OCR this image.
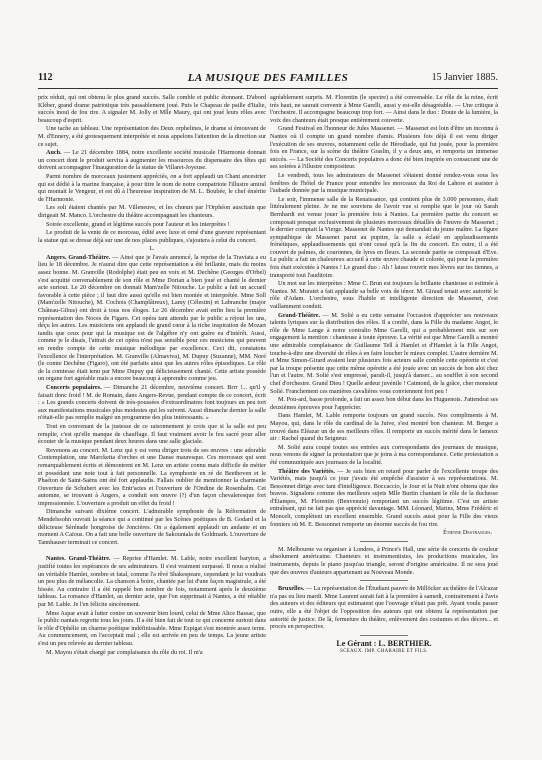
112	LA MUSIQUE DES FAMILLES	15 Janvier 1885.

prix réduit, qui ont obtenu le plus grand succès. Salle comble et public étonnant. D'abord Kléber, grand drame patriotique très passablement joué. Puis le Chapeau de paille d'Italie, succès inouï de fou rire. A signaler M. Jolly et Mlle Maury, qui ont joué leurs rôles avec beaucoup d'esprit.

Une tache au tableau. Une représentation des Deux orphelines, le drame si émouvant de M. d'Ennery, a été grotesquement interprétée et nous appelons l'attention de la direction sur ce sujet.

Auch. — Le 21 décembre 1884, notre excellente société musicale l'Harmonie donnait un concert dont le produit servira à augmenter les ressources du dispensaire des fêtes qui doivent accompagner l'inauguration de la statue de Villaret-Joyeuse.

Parmi nombre de morceaux justement appréciés, on a fort applaudi un Chant ancestrier qui est dédié à la marine française, à pour titre le nom de notre compatriote l'illustre amiral qui montait le Vengeur, et est dû à l'heureuse inspiration de M. L. Boubée, le chef émérite de l'Harmonie.

Les soli étaient chantés par M. Villeneuve, et les chœurs par l'Orphéon auscitain que dirigeait M. Manco. L'orchestre du théâtre accompagnait les chanteurs.

Soirée excellente, grand et légitime succès pour l'auteur et les interprètes !

Le produit de la vente de ce morceau, édité avec luxe et orné d'une gravure représentant la statue qui se dresse déjà sur une de nos places publiques, s'ajoutera à celui du concert.

L.

Angers. Grand-Théâtre. — Ainsi que je l'avais annoncé, la reprise de la Traviata a eu lieu le 18 décembre. Je n'aurai dire que cette représentation a été brillante, mais du moins assez bonne. M. Granville (Rodolphe) était peu en voix et M. Dechêne (Georges d'Orbel) s'est acquitté convenablement de son rôle et Mme Dorian a bien joué et chanté le dernier acte surtout. Le 20 décembre on donnait Mam'zelle Nitouche. Le public a fait un accueil favorable à cette pièce ; il faut dire aussi qu'elle est bien montée et interprétée. Mme Soll (Mam'zelle Nitouche), M. Cochois (Champlâtreux), Lamy (Célestin) et Labranche (major Château-Gibus) ont droit à tous nos éloges. Le 26 décembre avait enfin lieu la première représentation des Noces de Figaro. Cet opéra tant attendu par le public a réjoui les uns, déçu les autres. Les musiciens ont applaudi de grand cœur à la riche inspiration de Mozart tandis que ceux pour qui la musique est de l'algèbre n'y ont guère eu d'intérêt. Aussi, comme je le disais, l'attrait de cet opéra n'est pas sensible pour ces musiciens qui peuvent en rendre compte de cette musique mélodique par excellence. Ceci dit, constatons l'excellence de l'interprétation. M. Granville (Almaviva), M. Dupuy (Suzanne), MM. Noré (le comte Dechêne (Figaro), ont été parfaits ainsi que les autres rôles épisodiques. Le rôle de la comtesse était tenu par Mme Dupuy qui délicieusement chanté. Cette artiste possède un organe fort agréable mais a encore beaucoup à apprendre comme jeu.

Concerts populaires. — Dimanche 21 décembre, neuvième concert. Brrr !... qu'il y faisait donc froid ! M. de Romain, dans Angers-Revue, pendant compte de ce concert, écrit : « Les grands concerts doivent de très-poussées d'extraordinaires font toujours un peu tort aux manifestations musicales plus modestes qui les suivent. Aussi dimanche dernier la salle n'était-elle pas remplie malgré un programme des plus intéressants. »

Tout en convenant de la justesse de ce raisonnement je crois que si la salle est peu remplie, c'est qu'elle manque de chauffage. Il faut vraiment avoir le feu sacré pour aller écouter de la musique pendant deux heures dans une salle glaciale.

Revenons au concert. M. Lenz qui y est venu diriger trois de ses œuvres : une adorable Contemplation, une Marcketta d'orches et une Danse mauresque. Ces morceaux qui sont remarquablement écrits et démontrent en M. Lenz un artiste connu mais difficile de métier et possédant une note tout à fait personnelle. La symphonie en ré de Beethoven et le Phaéton de Saint-Saëns ont été fort applaudis. Fallais oublier de mentionner la charmante Ouverture de Schubert avec les Entr'actes et l'ouverture de l'Ondine de Rosenhalm. Cet automne, se trouvant à Angers, a conduit son œuvre (?) d'un façon chevaleresque fort impressionnée. L'ouverture a produit un effet du froid !

Dimanche suivant dixième concert. L'admirable symphonie de la Réformation de Mendelssohn ouvrait la séance qui a continué par les Scènes poétiques de B. Godard et la délicieuse Sérénade hongroise de Joncières. On a également applaudi un andante et un moment A Caïous. On a fait une belle ouverture de Sakountala de Goldmark. L'ouverture de Tannhauser terminait ce concert.

Nantes. Grand-Théâtre. — Reprise d'Hamlet. M. Lable, notre excellent baryton, a justifié toutes les espérances de ses admirateurs. Il s'est vraiment surpassé. Il nous a réalisé un véritable Hamlet, sombre et fatal, comme l'a rêvé Shakespeare, cependant je lui voudrais un peu plus de mélancolie. La chanson à boire, chantée par lui d'une façon magistrale, a été bissée. Au contraire il a été rappelé bon nombre de fois, notamment après le deuxième tableau. La romance d'Hamlet, au dernier acte, que l'on supprimait à Nantes, a été rétablie par M. Lable. Je l'en félicite sincèrement.

Mme Aspar avait à lutter contre un souvenir bien lourd, celui de Mme Alice Bassac, que le public nantais regrette tous les jours. Il a été bien fait de tout ce qui concerne surtout dans le rôle d'Ophélie un charme poétique indéfinissable. Mme Espigat s'est montrée assez terne. Au commencement, on l'acceptait mal ; elle est arrivée en peu de temps. La jeune artiste s'est un peu relevée au dernier tableau.

M. Mayou s'était chargé par complaisance du rôle du roi. Il m'a

agréablement surpris. M. Florentin (le spectre) a été convenable. Le rôle de la reine, écrit très haut, ne saurait convenir à Mme Garelli, aussi y est-elle désagréable. — Une critique à l'orchestre. Il accompagne beaucoup trop fort. — Ainsi dans le duo : Doute de la lumière, la voix des chanteurs était presque entièrement couverte.

Grand Festival en l'honneur de Jules Massenet. — Massenet est loin d'être un inconnu à Nantes où il compte un grand nombre d'amis. Plusieurs fois déjà il est venu diriger l'exécution de ses œuvres, notamment celle de Hérodiade, qui fut jouée, pour la première fois en France, sur la scène du théâtre Graslin, il y a deux ans, et remporta un immense succès. — La Société des Concerts populaires a donc été bien inspirée en consacrant une de ses soirées à l'illustre compositeur.

Le vendredi, tous les admirateurs de Massenet s'étaient donné rendez-vous sous les fenêtres de l'hôtel de France pour entendre les morceaux du Roi de Lahore et assister à l'aubade donnée par la musique municipale.

Le soir, l'immense salle de la Renaissance, qui contient plus de 3.000 personnes, était littéralement pleine. Je ne me souviens de l'avoir vue si remplie que le jour où Sarah Bernhardt est venue jouer la première fois à Nantes. La première partie du concert se composait presque exclusivement de plusieurs morceaux détaillés de l'œuvre de Massenet ; le dernier comptait la Vierge. Massenet de Nantes qui demandait du jeune maître. La figure sympathique de Massenet parut au pupitre, la salle a éclaté en applaudissements frénétiques, applaudissements qui n'ont cessé qu'à la fin du concert. En outre, il a été couvert de palmes, de couronnes, de lyres en fleurs. La seconde partie se composait d'Eve. Le public a fait un chaleureux accueil à cette œuvre chaude et colorée, qui pour la première fois était exécutée à Nantes ! Le grand duo : Ah ! laisse rouvrir mes lèvres sur tes tiennes, a transporté tout l'auditoire.

Un mot sur les interprètes : Mme C. Brun est toujours la brillante chanteuse si estimée à Nantes. M. Muratet a fait applaudir sa belle voix de ténor. M. Giraud tenait avec autorité le rôle d'Adam. L'orchestre, sous l'habile et intelligente direction de Massenet, s'est vaillamment conduit.

Grand-Théâtre. — M. Solié a eu cette semaine l'occasion d'apprécier ses nouveaux talents lyriques sur la distribution des rôles. Il a confié, dans la Fille du madame Angot, le rôle de Mme Lange à notre contralto Mme Garelli, qui a probablement mis sur son engagement la mention : chanteuse à toute épreuve. La vérité est que Mme Garelli a montré une admirable complaisance de Guillaume Tell à Hamlet et d'Hamlet à la Fille Angot, touche-à-dire une diversité de rôles à en faire loucher le mieux complet. L'autre dernière M. et Mme Simon-Girard avaient leur plusieurs fois acteurs salle comble cette opérette et c'est par la troupe présente que cette même opérette a été jouée avec un succès de bon aloi chez l'un et l'autre. M. Solié s'est empressé, paraît-il, jusqu'à danser... au soufflet à son second chef d'orchestre. Grand Dieu ! Quelle ardeur juvénile ! Catmond, de la grâce, cher monsieur Solié. Franchement ces manières cavalières vous conviennent fort peu !

M. Pou-ard, basse profonde, a fait un assez bon début dans les Huguenots. J'attendrai ses deuxièmes épreuves pour l'apprécier.

Dans Hamlet, M. Lable remporte toujours un grand succès. Nos compliments à M. Mayou, qui, dans le rôle du cardinal de la Juive, s'est montré bon chanteur. M. Berger a trouvé dans Eléazar un de ses meilleurs rôles. Il remporte un succès mérité dans le fameux air : Rachel quand du Seigneur.

M. Solié aura coupé toutes ses entrées aux correspondants des journaux de musique, nous venons de signer la protestation que je joins à ma correspondance. Cette protestation a été communiquée aux journaux de la localité.

Théâtre des Variétés. — Je suis bien en retard pour parler de l'excellente troupe des Variétés, mais jusqu'à ce jour j'avais été empêché d'assister à ses représentations. M. Bessonnet dirige avec tant d'intelligence. Boccaccio, le Jour et la Nuit n'ont obtenu que des bravos. Signalons comme des meilleurs sujets Mlle Burtin chantant le rôle de la duchesse d'Étampes, M. Florentin (Benvenuto) remportant un succès légitime. C'est un artiste entraînant, qui ne fait pas que apprécié davantage. MM. Léonard, Marins, Mme Frédéric et Moncelt, complètent un excellent ensemble. Grand succès aussi pour la Fille des vieux fonniers où M. E. Bessonnet remporte un énorme succès de fou rire.

Étienne Destranges.

M. Melbourne va organiser à Londres, à Prince's Hall, une série de concerts de couleur absolument américaine. Chanteurs et instrumentistes, les productions musicales, les instruments, depuis le piano jusqu'au triangle, seront d'origine américaine. Il ne sera joué que des œuvres d'auteurs appartenant au Nouveau Monde.

Bruxelles. — La représentation de l'Étudiant pauvre de Millöcker au théâtre de l'Alcazar n'a pas eu lieu mardi. Mme Laurent aurait fait à la première à samedi, contrairement à l'avis des auteurs et des éditeurs qui estimaient que l'ouvrage n'était pas prêt. Ayant voulu passer outre, elle a été l'objet de l'opposition des auteurs qui ont obtenu la représentation par autorité de justice. De là, fermeture du théâtre, enlèvement des costumes et des décors... et procès en perspective.

Le Gérant : L. BERTHIER.

SCEAUX. IMP. CHARAIRE ET FILS.
